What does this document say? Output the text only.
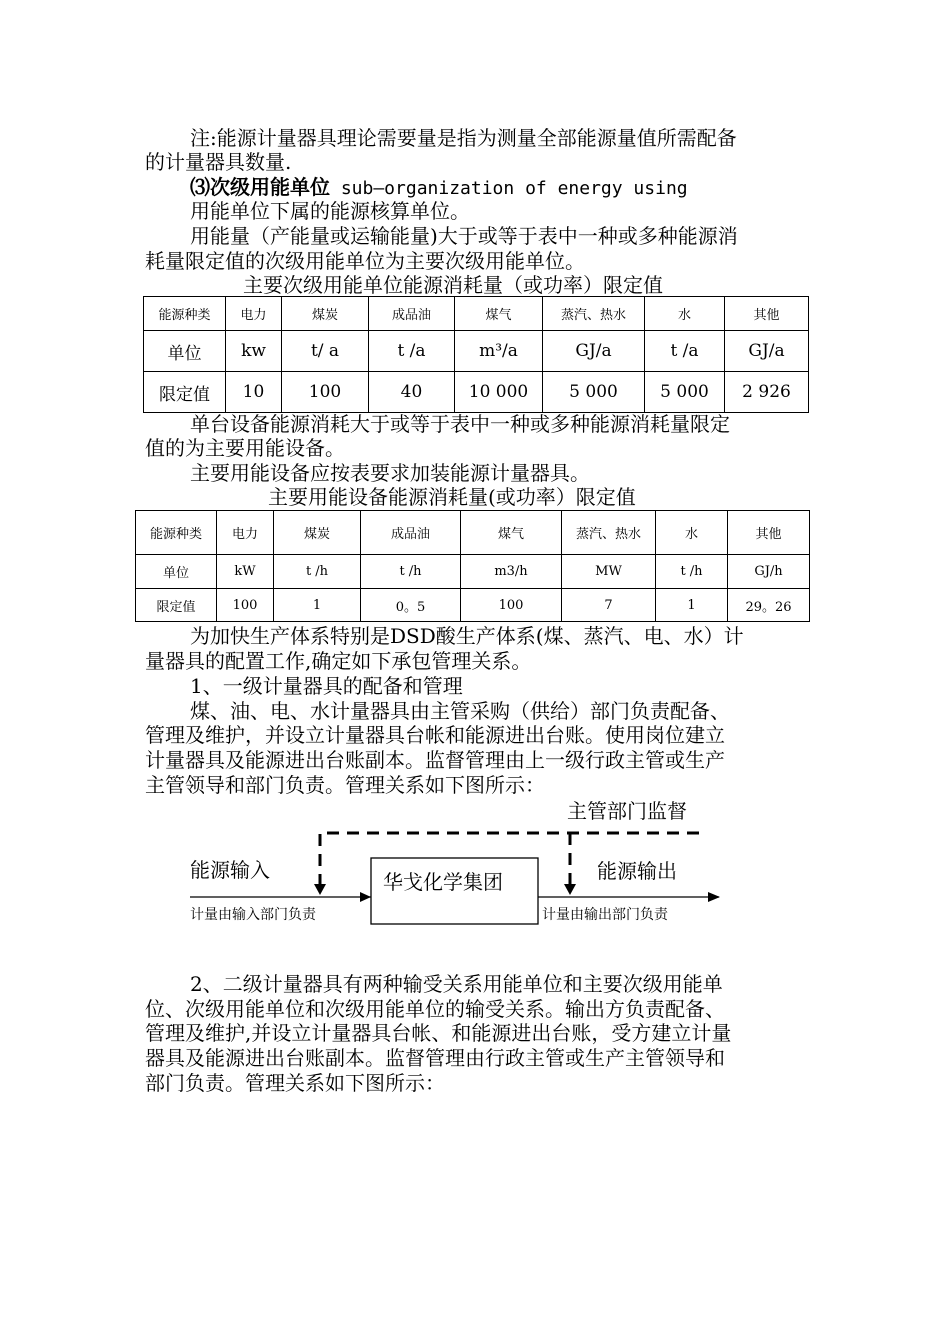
注:能源计量器具理论需要量是指为测量全部能源量值所需配备
的计量器具数量.
⑶次级用能单位 sub—organization of energy using
用能单位下属的能源核算单位。
用能量（产能量或运输能量)大于或等于表中一种或多种能源消
耗量限定值的次级用能单位为主要次级用能单位。
主要次级用能单位能源消耗量（或功率）限定值
能源种类	电力	煤炭	成品油	煤气	蒸汽、热水	水	其他
单位	kw	t/ a	t /a	m³/a	GJ/a	t /a	GJ/a
限定值	10	100	40	10 000	5 000	5 000	2 926
单台设备能源消耗大于或等于表中一种或多种能源消耗量限定
值的为主要用能设备。
主要用能设备应按表要求加装能源计量器具。
主要用能设备能源消耗量(或功率）限定值
能源种类	电力	煤炭	成品油	煤气	蒸汽、热水	水	其他
单位	kW	t /h	t /h	m3/h	MW	t /h	GJ/h
限定值	100	1	0。5	100	7	1	29。26
为加快生产体系特别是DSD酸生产体系(煤、蒸汽、电、水）计
量器具的配置工作,确定如下承包管理关系。
1、一级计量器具的配备和管理
煤、油、电、水计量器具由主管采购（供给）部门负责配备、
管理及维护，并设立计量器具台帐和能源进出台账。使用岗位建立
计量器具及能源进出台账副本。监督管理由上一级行政主管或生产
主管领导和部门负责。管理关系如下图所示：
主管部门监督
能源输入	能源输出
华戈化学集团
计量由输入部门负责	计量由输出部门负责
2、二级计量器具有两种输受关系用能单位和主要次级用能单
位、次级用能单位和次级用能单位的输受关系。输出方负责配备、
管理及维护,并设立计量器具台帐、和能源进出台账，受方建立计量
器具及能源进出台账副本。监督管理由行政主管或生产主管领导和
部门负责。管理关系如下图所示：
